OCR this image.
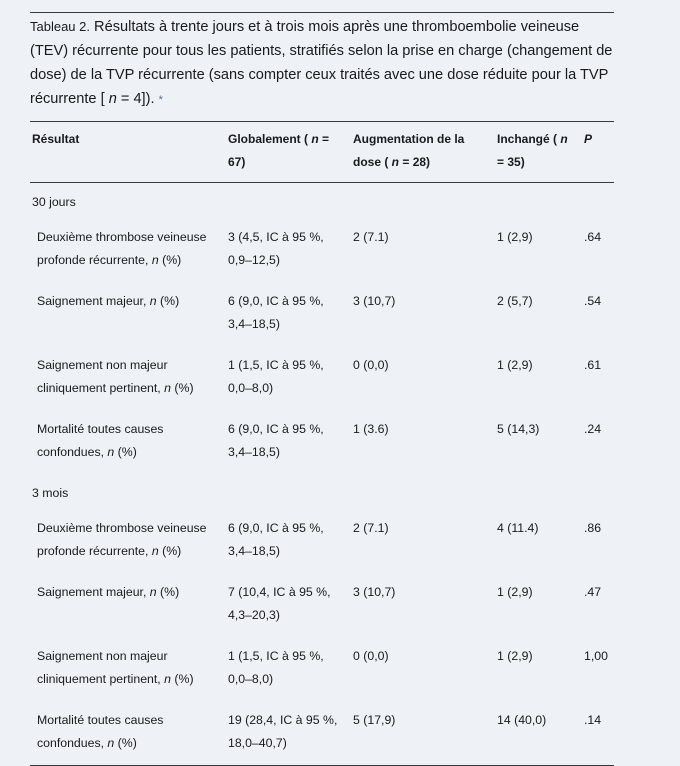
Tableau 2. Résultats à trente jours et à trois mois après une thromboembolie veineuse (TEV) récurrente pour tous les patients, stratifiés selon la prise en charge (changement de dose) de la TVP récurrente (sans compter ceux traités avec une dose réduite pour la TVP récurrente [ n = 4]). *
Résultat	Globalement ( n = 67)	Augmentation de la dose ( n = 28)	Inchangé ( n = 35)	P
30 jours				
Deuxième thrombose veineuse profonde récurrente, n (%)	3 (4,5, IC à 95 %, 0,9–12,5)	2 (7.1)	1 (2,9)	.64
Saignement majeur, n (%)	6 (9,0, IC à 95 %, 3,4–18,5)	3 (10,7)	2 (5,7)	.54
Saignement non majeur cliniquement pertinent, n (%)	1 (1,5, IC à 95 %, 0,0–8,0)	0 (0,0)	1 (2,9)	.61
Mortalité toutes causes confondues, n (%)	6 (9,0, IC à 95 %, 3,4–18,5)	1 (3.6)	5 (14,3)	.24
3 mois				
Deuxième thrombose veineuse profonde récurrente, n (%)	6 (9,0, IC à 95 %, 3,4–18,5)	2 (7.1)	4 (11.4)	.86
Saignement majeur, n (%)	7 (10,4, IC à 95 %, 4,3–20,3)	3 (10,7)	1 (2,9)	.47
Saignement non majeur cliniquement pertinent, n (%)	1 (1,5, IC à 95 %, 0,0–8,0)	0 (0,0)	1 (2,9)	1,00
Mortalité toutes causes confondues, n (%)	19 (28,4, IC à 95 %, 18,0–40,7)	5 (17,9)	14 (40,0)	.14
